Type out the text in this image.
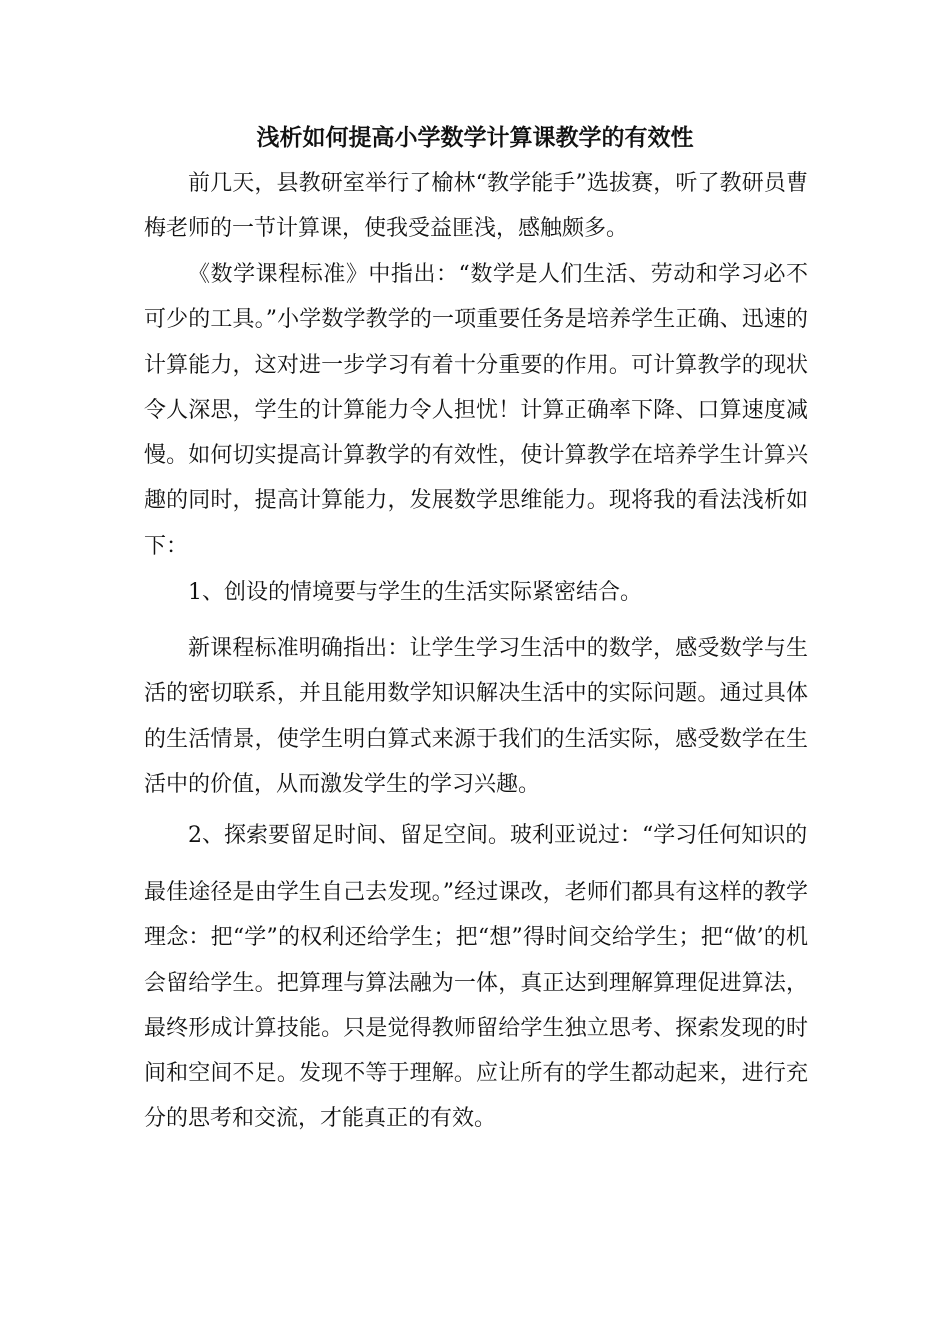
浅析如何提高小学数学计算课教学的有效性

前几天，县教研室举行了榆林“教学能手”选拔赛，听了教研员曹梅老师的一节计算课，使我受益匪浅，感触颇多。

《数学课程标准》中指出：“数学是人们生活、劳动和学习必不可少的工具。”小学数学教学的一项重要任务是培养学生正确、迅速的计算能力，这对进一步学习有着十分重要的作用。可计算教学的现状令人深思，学生的计算能力令人担忧！计算正确率下降、口算速度减慢。如何切实提高计算教学的有效性，使计算教学在培养学生计算兴趣的同时，提高计算能力，发展数学思维能力。现将我的看法浅析如下：

1、创设的情境要与学生的生活实际紧密结合。

新课程标准明确指出：让学生学习生活中的数学，感受数学与生活的密切联系，并且能用数学知识解决生活中的实际问题。通过具体的生活情景，使学生明白算式来源于我们的生活实际，感受数学在生活中的价值，从而激发学生的学习兴趣。

2、探索要留足时间、留足空间。玻利亚说过：“学习任何知识的

最佳途径是由学生自己去发现。”经过课改，老师们都具有这样的教学理念：把“学”的权利还给学生；把“想”得时间交给学生；把“做’的机会留给学生。把算理与算法融为一体，真正达到理解算理促进算法，最终形成计算技能。只是觉得教师留给学生独立思考、探索发现的时间和空间不足。发现不等于理解。应让所有的学生都动起来，进行充分的思考和交流，才能真正的有效。
